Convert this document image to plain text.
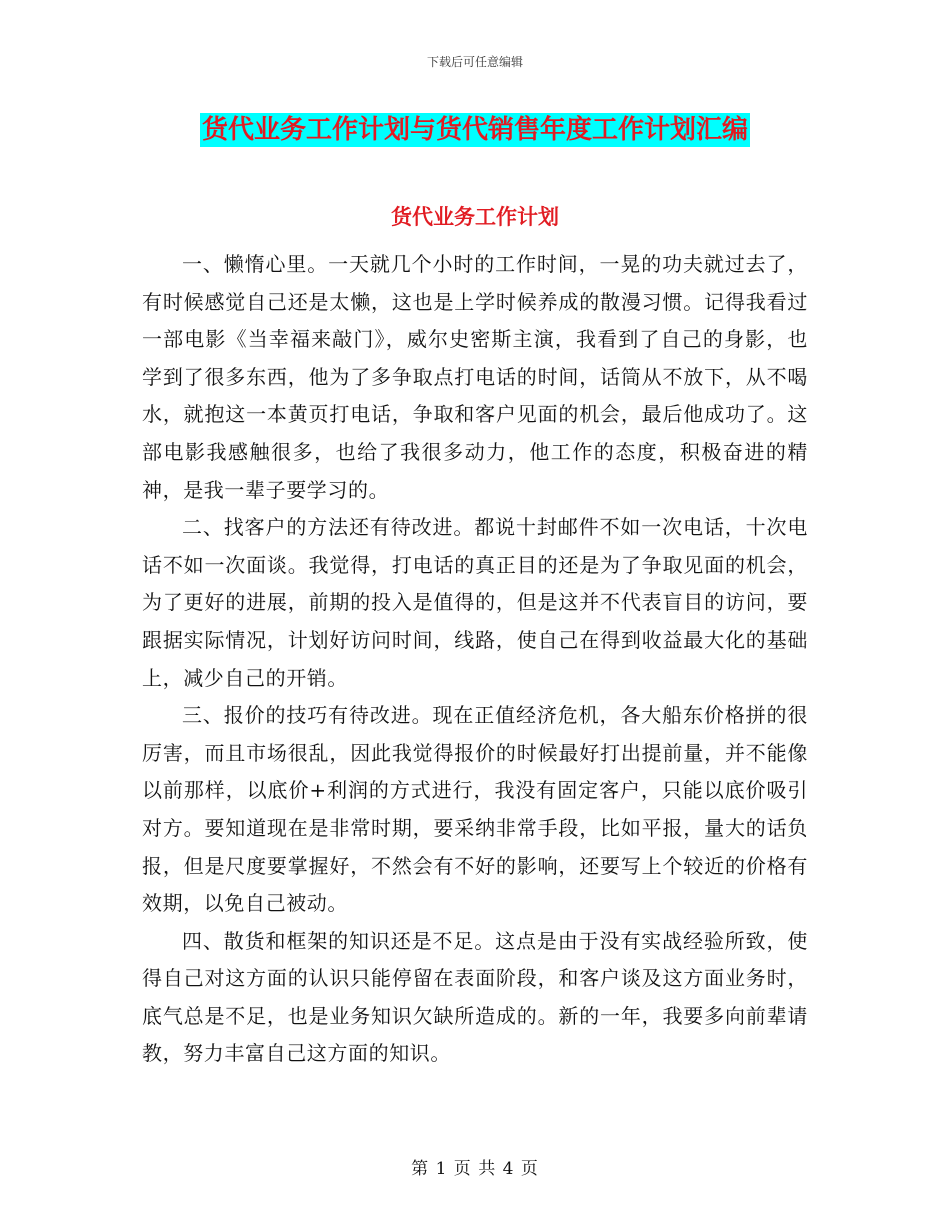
下载后可任意编辑
货代业务工作计划与货代销售年度工作计划汇编
货代业务工作计划

一、懒惰心里。一天就几个小时的工作时间，一晃的功夫就过去了，有时候感觉自己还是太懒，这也是上学时候养成的散漫习惯。记得我看过一部电影《当幸福来敲门》，威尔史密斯主演，我看到了自己的身影，也学到了很多东西，他为了多争取点打电话的时间，话筒从不放下，从不喝水，就抱这一本黄页打电话，争取和客户见面的机会，最后他成功了。这部电影我感触很多，也给了我很多动力，他工作的态度，积极奋进的精神，是我一辈子要学习的。

二、找客户的方法还有待改进。都说十封邮件不如一次电话，十次电话不如一次面谈。我觉得，打电话的真正目的还是为了争取见面的机会，为了更好的进展，前期的投入是值得的，但是这并不代表盲目的访问，要跟据实际情况，计划好访问时间，线路，使自己在得到收益最大化的基础上，减少自己的开销。

三、报价的技巧有待改进。现在正值经济危机，各大船东价格拼的很厉害，而且市场很乱，因此我觉得报价的时候最好打出提前量，并不能像以前那样，以底价+利润的方式进行，我没有固定客户，只能以底价吸引对方。要知道现在是非常时期，要采纳非常手段，比如平报，量大的话负报，但是尺度要掌握好，不然会有不好的影响，还要写上个较近的价格有效期，以免自己被动。

四、散货和框架的知识还是不足。这点是由于没有实战经验所致，使得自己对这方面的认识只能停留在表面阶段，和客户谈及这方面业务时，底气总是不足，也是业务知识欠缺所造成的。新的一年，我要多向前辈请教，努力丰富自己这方面的知识。

第 1 页 共 4 页
